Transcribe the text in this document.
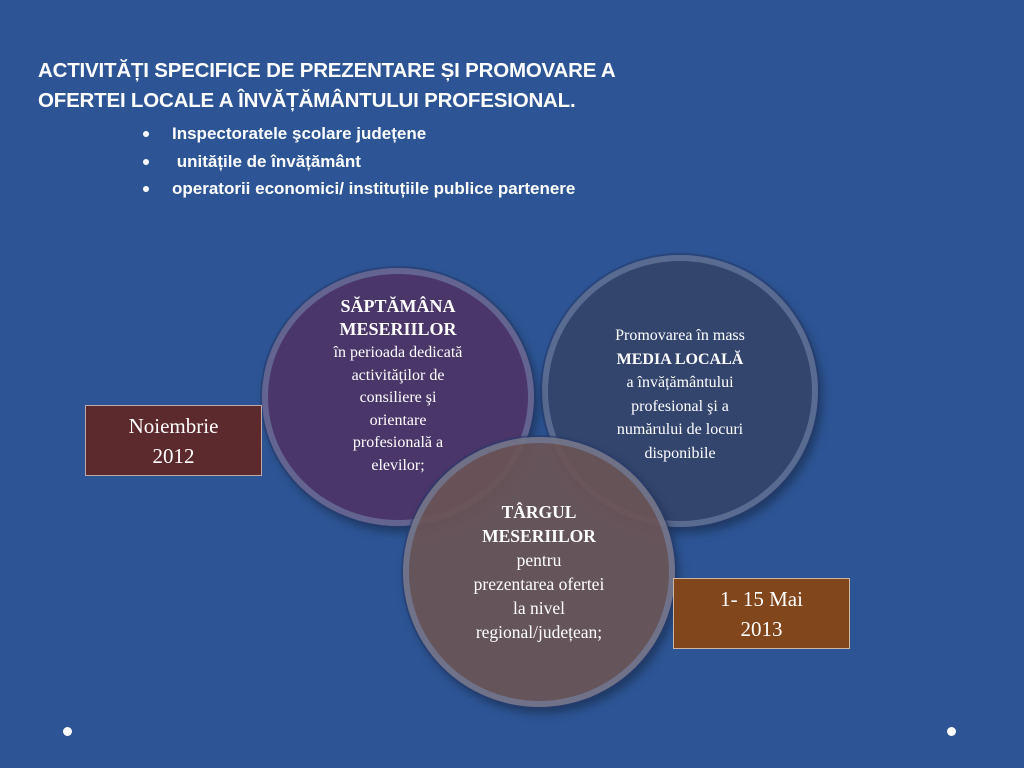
ACTIVITĂȚI SPECIFICE DE PREZENTARE ȘI PROMOVARE A
OFERTEI LOCALE A ÎNVĂȚĂMÂNTULUI PROFESIONAL.
Inspectoratele şcolare județene
unitățile de învățământ
operatorii economici/ instituțiile publice partenere
Promovarea în mass
MEDIA LOCALĂ
a învățământului
profesional şi a
numărului de locuri
disponibile
SĂPTĂMÂNA
MESERIILOR
în perioada dedicată
activităţilor de
consiliere şi
orientare
profesională a
elevilor;
TÂRGUL
MESERIILOR
pentru
prezentarea ofertei
la nivel
regional/județean;
Noiembrie
2012
1- 15 Mai
2013
